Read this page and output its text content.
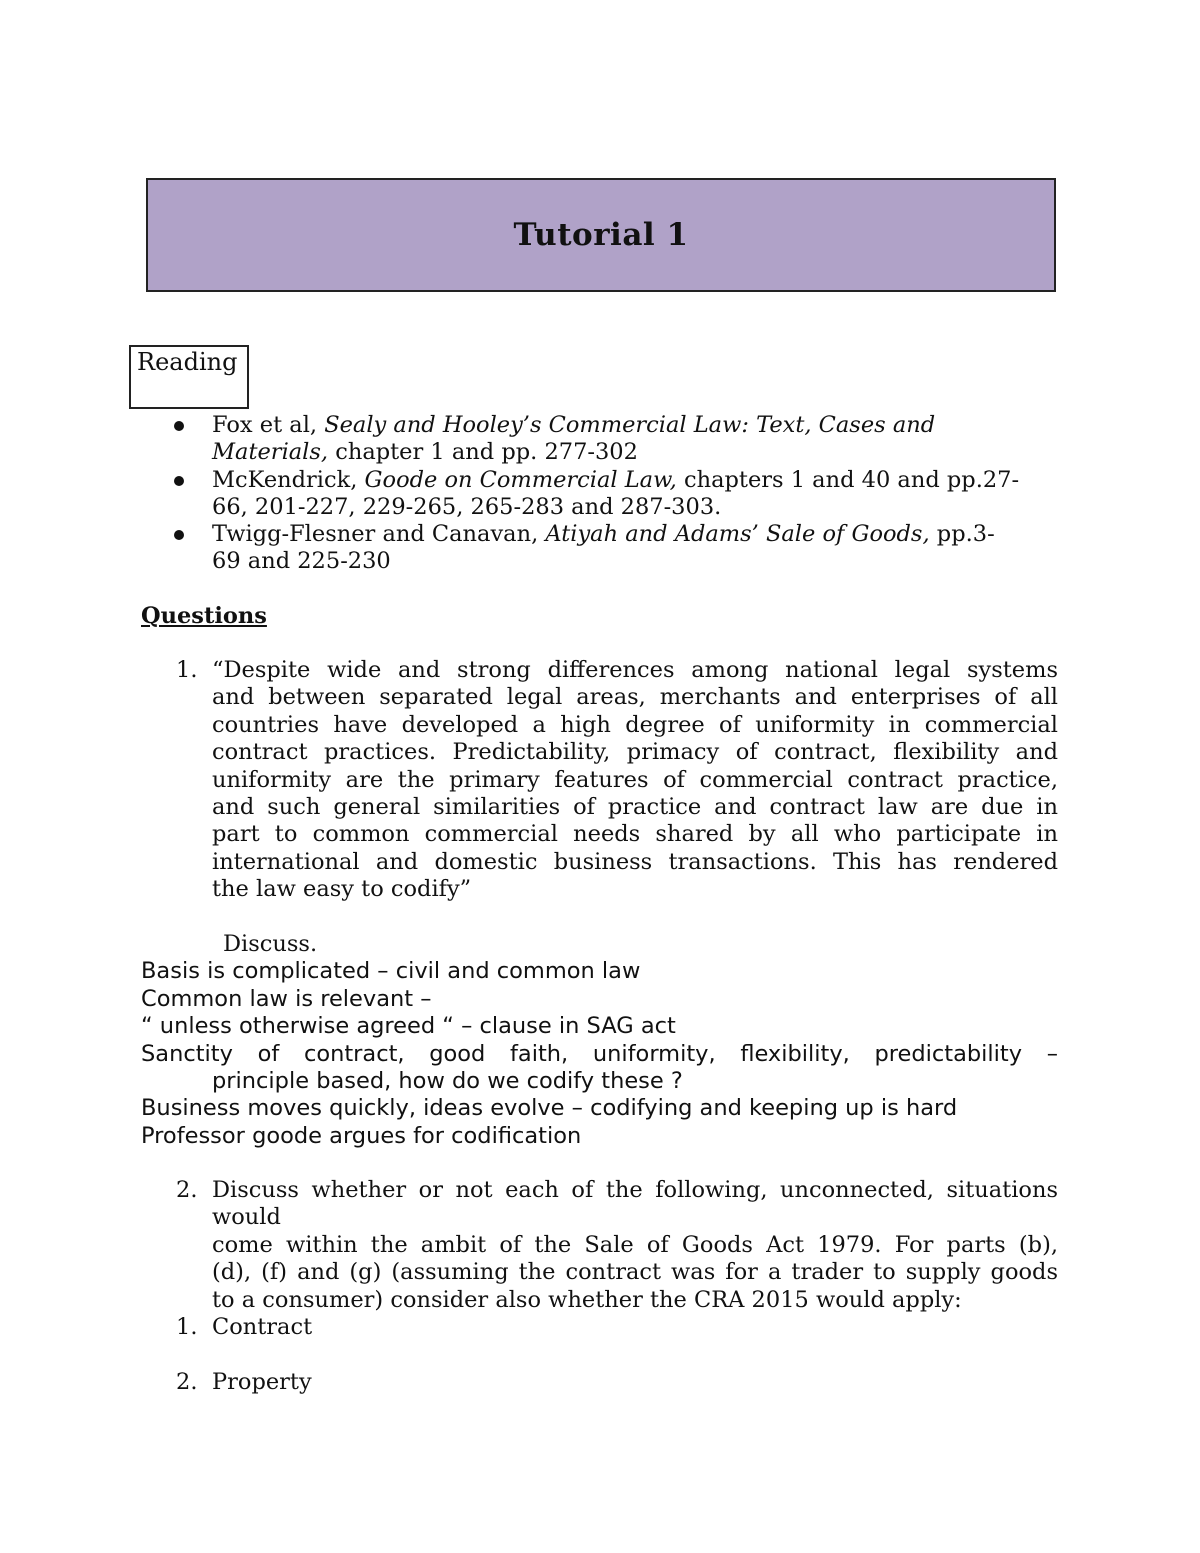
Tutorial 1
Reading
Fox et al, Sealy and Hooley’s Commercial Law: Text, Cases and
Materials, chapter 1 and pp. 277-302
McKendrick, Goode on Commercial Law, chapters 1 and 40 and pp.27-
66, 201-227, 229-265, 265-283 and 287-303.
Twigg-Flesner and Canavan, Atiyah and Adams’ Sale of Goods, pp.3-
69 and 225-230
Questions
1. “Despite wide and strong differences among national legal systems
and between separated legal areas, merchants and enterprises of all
countries have developed a high degree of uniformity in commercial
contract practices. Predictability, primacy of contract, flexibility and
uniformity are the primary features of commercial contract practice,
and such general similarities of practice and contract law are due in
part to common commercial needs shared by all who participate in
international and domestic business transactions. This has rendered
the law easy to codify”
Discuss.
Basis is complicated – civil and common law
Common law is relevant –
“ unless otherwise agreed “ – clause in SAG act
Sanctity of contract, good faith, uniformity, flexibility, predictability –
principle based, how do we codify these ?
Business moves quickly, ideas evolve – codifying and keeping up is hard
Professor goode argues for codification
2. Discuss whether or not each of the following, unconnected, situations
would
come within the ambit of the Sale of Goods Act 1979. For parts (b),
(d), (f) and (g) (assuming the contract was for a trader to supply goods
to a consumer) consider also whether the CRA 2015 would apply:
1. Contract
2. Property
